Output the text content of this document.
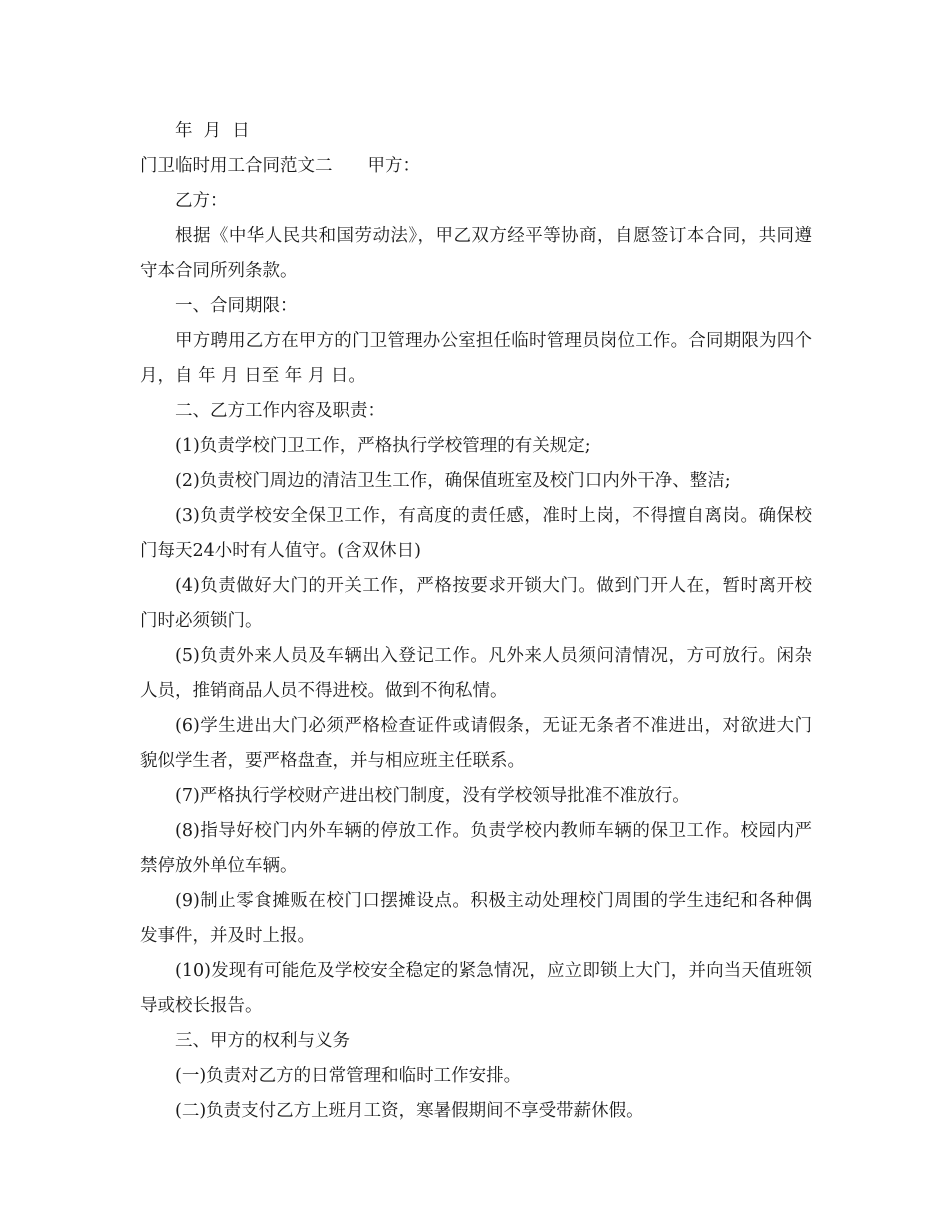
年  月  日

门卫临时用工合同范文二　　甲方：

乙方：

根据《中华人民共和国劳动法》，甲乙双方经平等协商，自愿签订本合同，共同遵守本合同所列条款。

一、合同期限：

甲方聘用乙方在甲方的门卫管理办公室担任临时管理员岗位工作。合同期限为四个月，自 年 月 日至 年 月 日。

二、乙方工作内容及职责：

(1)负责学校门卫工作，严格执行学校管理的有关规定;

(2)负责校门周边的清洁卫生工作，确保值班室及校门口内外干净、整洁;

(3)负责学校安全保卫工作，有高度的责任感，准时上岗，不得擅自离岗。确保校门每天24小时有人值守。(含双休日)

(4)负责做好大门的开关工作，严格按要求开锁大门。做到门开人在，暂时离开校门时必须锁门。

(5)负责外来人员及车辆出入登记工作。凡外来人员须问清情况，方可放行。闲杂人员，推销商品人员不得进校。做到不徇私情。

(6)学生进出大门必须严格检查证件或请假条，无证无条者不准进出，对欲进大门貌似学生者，要严格盘查，并与相应班主任联系。

(7)严格执行学校财产进出校门制度，没有学校领导批准不准放行。

(8)指导好校门内外车辆的停放工作。负责学校内教师车辆的保卫工作。校园内严禁停放外单位车辆。

(9)制止零食摊贩在校门口摆摊设点。积极主动处理校门周围的学生违纪和各种偶发事件，并及时上报。

(10)发现有可能危及学校安全稳定的紧急情况，应立即锁上大门，并向当天值班领导或校长报告。

三、甲方的权利与义务

(一)负责对乙方的日常管理和临时工作安排。

(二)负责支付乙方上班月工资，寒暑假期间不享受带薪休假。
